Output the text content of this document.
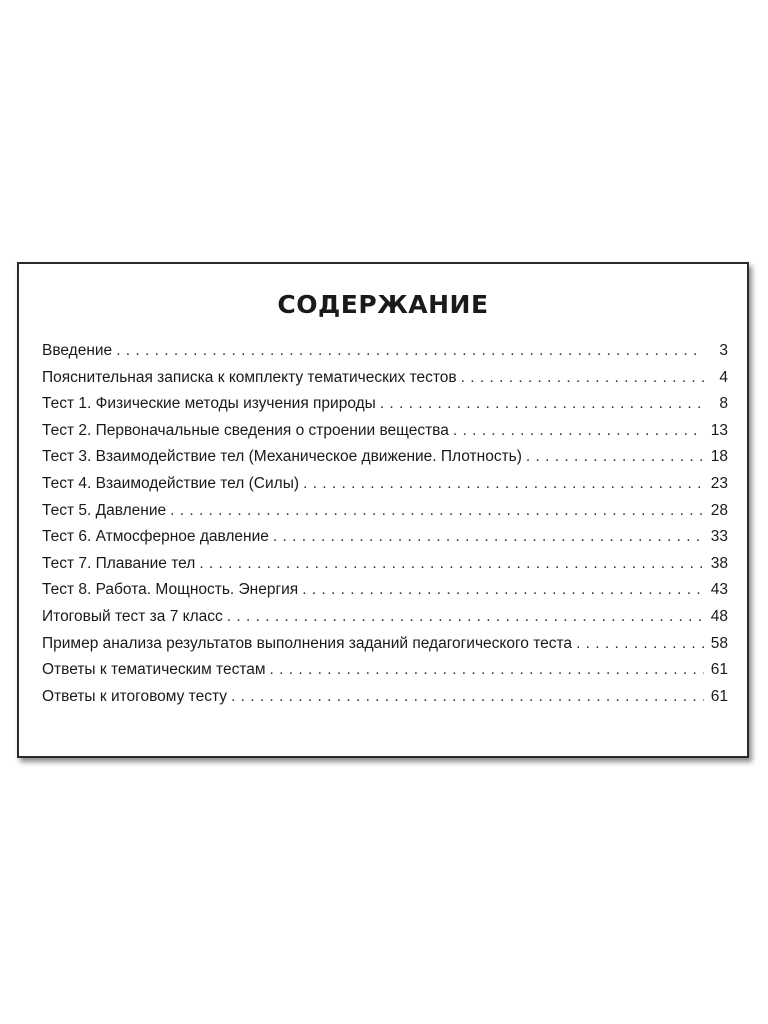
СОДЕРЖАНИЕ
Введение . . .	3
Пояснительная записка к комплекту тематических тестов . . .	4
Тест 1. Физические методы изучения природы . . .	8
Тест 2. Первоначальные сведения о строении вещества . . .	13
Тест 3. Взаимодействие тел (Механическое движение. Плотность) . . .	18
Тест 4. Взаимодействие тел (Силы) . . .	23
Тест 5. Давление . . .	28
Тест 6. Атмосферное давление . . .	33
Тест 7. Плавание тел . . .	38
Тест 8. Работа. Мощность. Энергия . . .	43
Итоговый тест за 7 класс . . .	48
Пример анализа результатов выполнения заданий педагогического теста . . .	58
Ответы к тематическим тестам . . .	61
Ответы к итоговому тесту . . .	61
